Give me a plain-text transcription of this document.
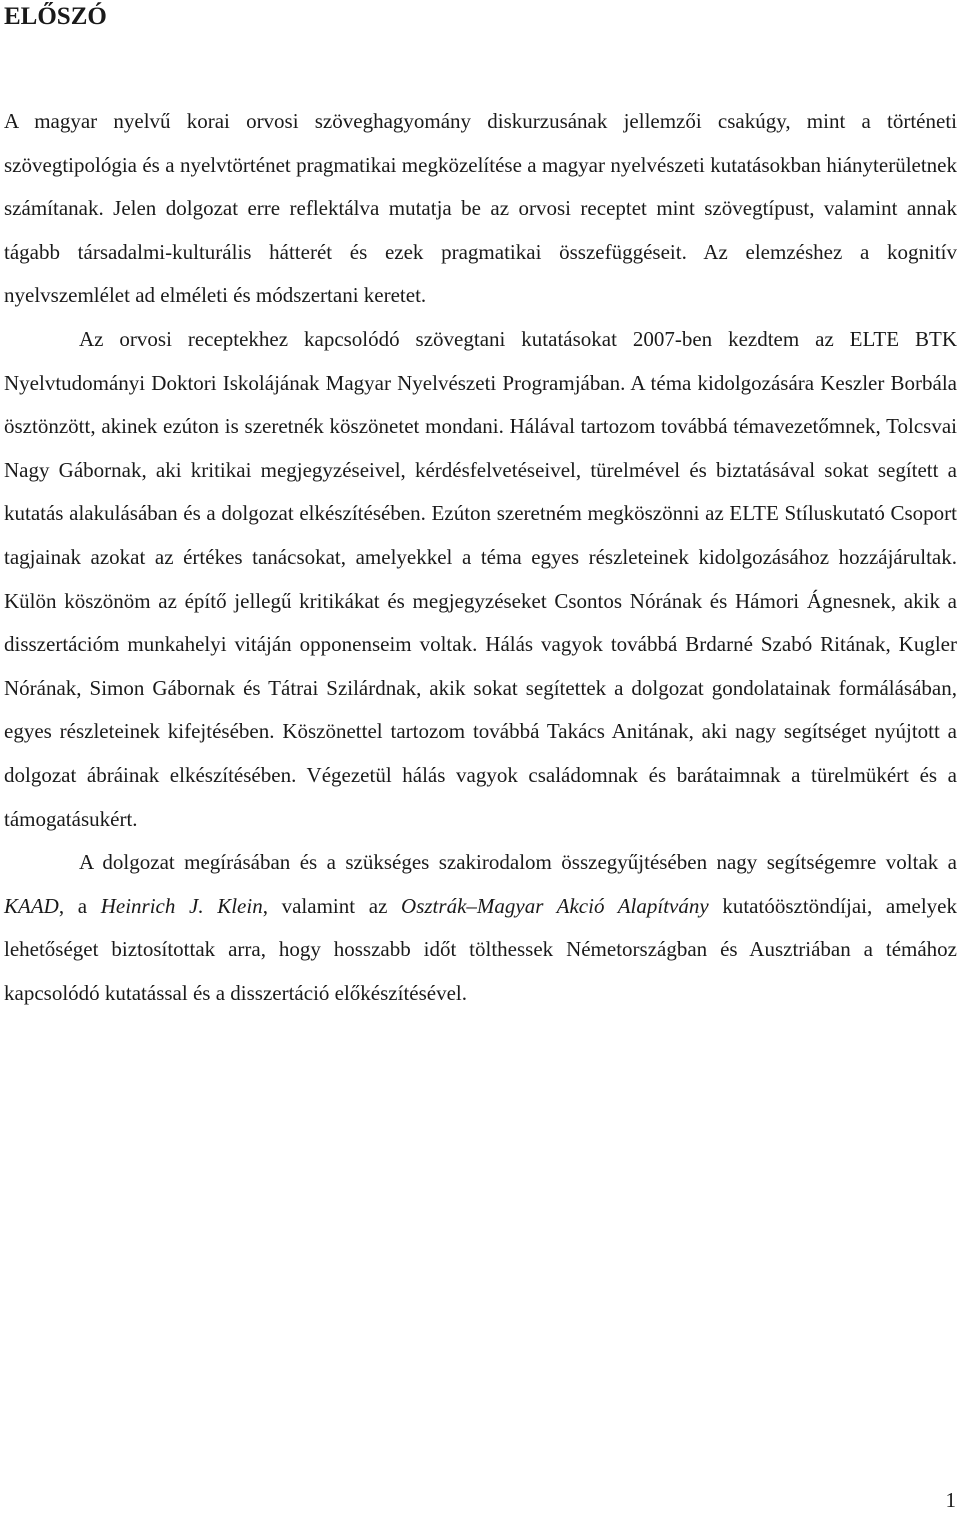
ELŐSZÓ

A magyar nyelvű korai orvosi szöveghagyomány diskurzusának jellemzői csakúgy, mint a történeti szövegtipológia és a nyelvtörténet pragmatikai megközelítése a magyar nyelvészeti kutatásokban hiányterületnek számítanak. Jelen dolgozat erre reflektálva mutatja be az orvosi receptet mint szövegtípust, valamint annak tágabb társadalmi-kulturális hátterét és ezek pragmatikai összefüggéseit. Az elemzéshez a kognitív nyelvszemlélet ad elméleti és módszertani keretet.

Az orvosi receptekhez kapcsolódó szövegtani kutatásokat 2007-ben kezdtem az ELTE BTK Nyelvtudományi Doktori Iskolájának Magyar Nyelvészeti Programjában. A téma kidolgozására Keszler Borbála ösztönzött, akinek ezúton is szeretnék köszönetet mondani. Hálával tartozom továbbá témavezetőmnek, Tolcsvai Nagy Gábornak, aki kritikai megjegyzéseivel, kérdésfelvetéseivel, türelmével és biztatásával sokat segített a kutatás alakulásában és a dolgozat elkészítésében. Ezúton szeretném megköszönni az ELTE Stíluskutató Csoport tagjainak azokat az értékes tanácsokat, amelyekkel a téma egyes részleteinek kidolgozásához hozzájárultak. Külön köszönöm az építő jellegű kritikákat és megjegyzéseket Csontos Nórának és Hámori Ágnesnek, akik a disszertációm munkahelyi vitáján opponenseim voltak. Hálás vagyok továbbá Brdarné Szabó Ritának, Kugler Nórának, Simon Gábornak és Tátrai Szilárdnak, akik sokat segítettek a dolgozat gondolatainak formálásában, egyes részleteinek kifejtésében. Köszönettel tartozom továbbá Takács Anitának, aki nagy segítséget nyújtott a dolgozat ábráinak elkészítésében. Végezetül hálás vagyok családomnak és barátaimnak a türelmükért és a támogatásukért.

A dolgozat megírásában és a szükséges szakirodalom összegyűjtésében nagy segítségemre voltak a KAAD, a Heinrich J. Klein, valamint az Osztrák–Magyar Akció Alapítvány kutatóösztöndíjai, amelyek lehetőséget biztosítottak arra, hogy hosszabb időt tölthessek Németországban és Ausztriában a témához kapcsolódó kutatással és a disszertáció előkészítésével.

1
